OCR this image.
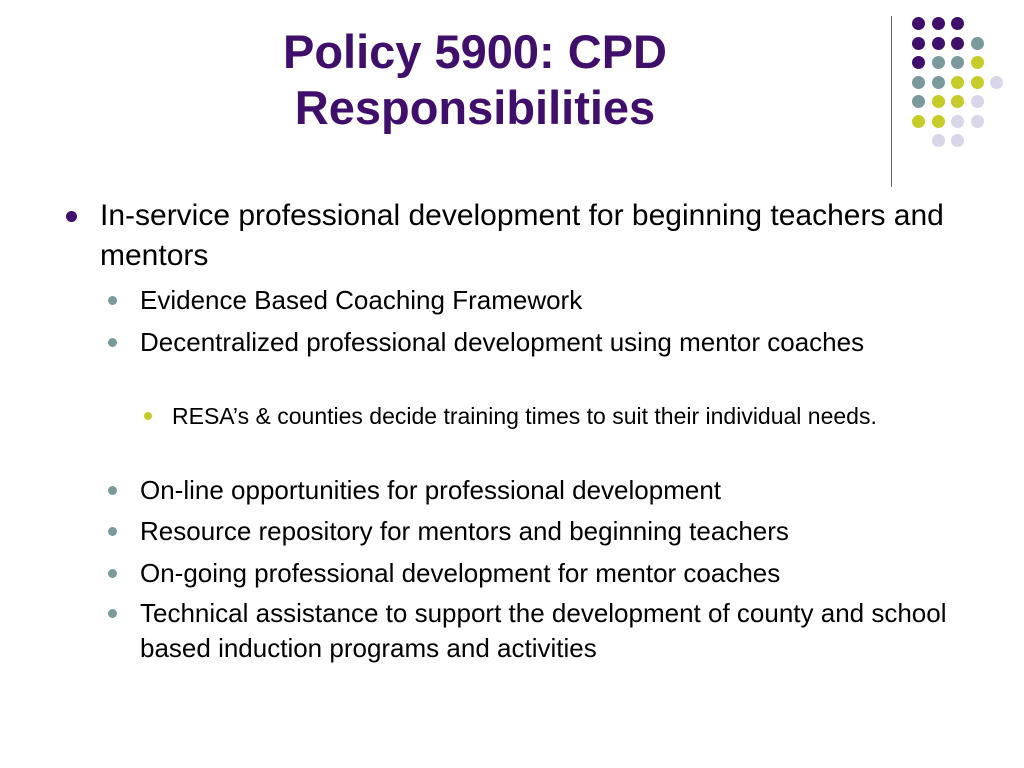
Policy 5900: CPD
Responsibilities
In-service professional development for beginning teachers and mentors
Evidence Based Coaching Framework
Decentralized professional development using mentor coaches
RESA’s & counties decide training times to suit their individual needs.
On-line opportunities for professional development
Resource repository for mentors and beginning teachers
On-going professional development for mentor coaches
Technical assistance to support the development of county and school based induction programs and activities
